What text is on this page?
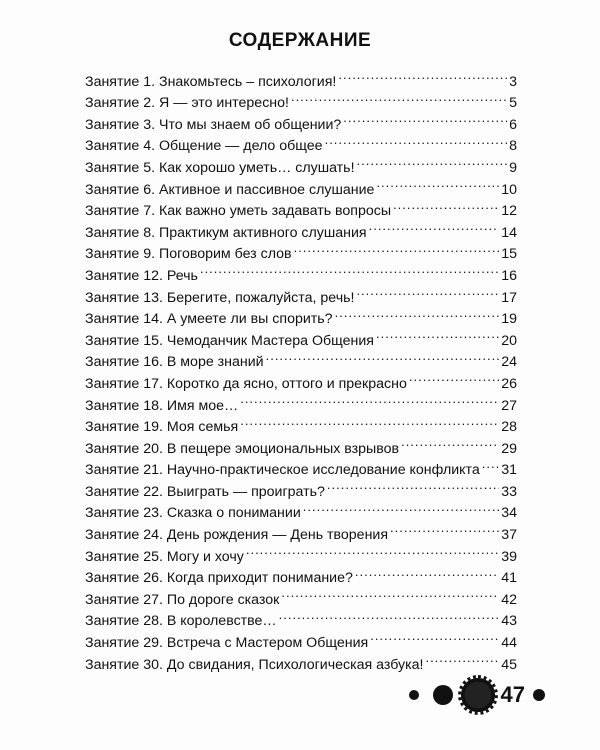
СОДЕРЖАНИЕ
Занятие 1. Знакомьтесь – психология! .....	3
Занятие 2. Я — это интересно! .....	5
Занятие 3. Что мы знаем об общении? .....	6
Занятие 4. Общение — дело общее .....	8
Занятие 5. Как хорошо уметь… слушать! .....	9
Занятие 6. Активное и пассивное слушание .....	10
Занятие 7. Как важно уметь задавать вопросы .....	12
Занятие 8. Практикум активного слушания .....	14
Занятие 9. Поговорим без слов .....	15
Занятие 12. Речь .....	16
Занятие 13. Берегите, пожалуйста, речь! .....	17
Занятие 14. А умеете ли вы спорить? .....	19
Занятие 15. Чемоданчик Мастера Общения .....	20
Занятие 16. В море знаний .....	24
Занятие 17. Коротко да ясно, оттого и прекрасно .....	26
Занятие 18. Имя мое… .....	27
Занятие 19. Моя семья .....	28
Занятие 20. В пещере эмоциональных взрывов .....	29
Занятие 21. Научно-практическое исследование конфликта ..... 31
Занятие 22. Выиграть — проиграть? .....	33
Занятие 23. Сказка о понимании .....	34
Занятие 24. День рождения — День творения .....	37
Занятие 25. Могу и хочу .....	39
Занятие 26. Когда приходит понимание? .....	41
Занятие 27. По дороге сказок .....	42
Занятие 28. В королевстве… .....	43
Занятие 29. Встреча с Мастером Общения .....	44
Занятие 30. До свидания, Психологическая азбука! .....	45
47
